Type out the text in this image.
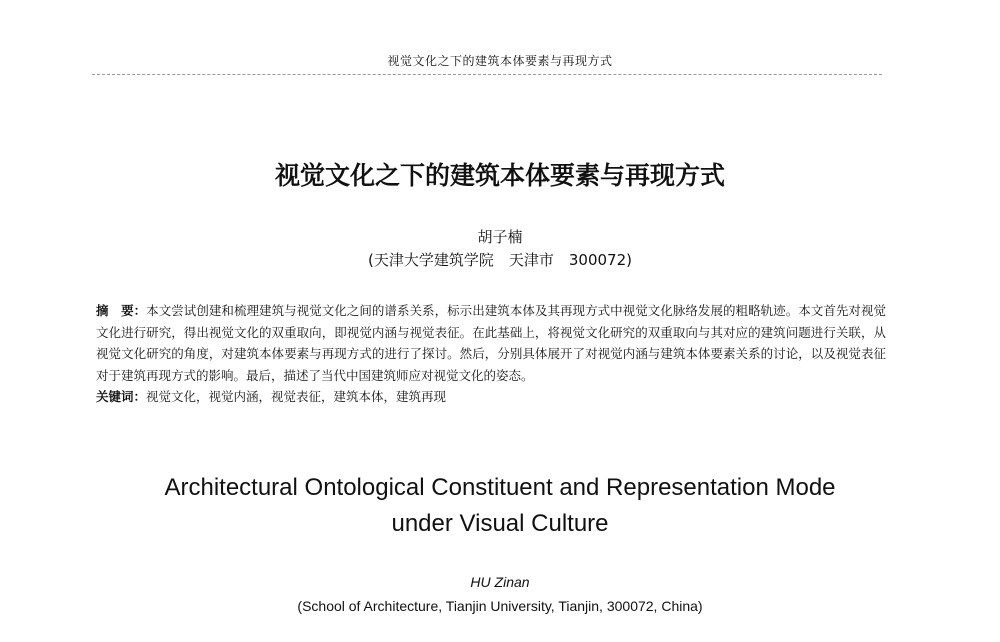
视觉文化之下的建筑本体要素与再现方式
视觉文化之下的建筑本体要素与再现方式
胡子楠
(天津大学建筑学院　天津市　300072)
摘　要：本文尝试创建和梳理建筑与视觉文化之间的谱系关系，标示出建筑本体及其再现方式中视觉文化脉络发展的粗略轨迹。本文首先对视觉文化进行研究，得出视觉文化的双重取向，即视觉内涵与视觉表征。在此基础上，将视觉文化研究的双重取向与其对应的建筑问题进行关联，从视觉文化研究的角度，对建筑本体要素与再现方式的进行了探讨。然后，分别具体展开了对视觉内涵与建筑本体要素关系的讨论，以及视觉表征对于建筑再现方式的影响。最后，描述了当代中国建筑师应对视觉文化的姿态。
关键词：视觉文化，视觉内涵，视觉表征，建筑本体，建筑再现
Architectural Ontological Constituent and Representation Mode
under Visual Culture
HU Zinan
(School of Architecture, Tianjin University, Tianjin, 300072, China)
